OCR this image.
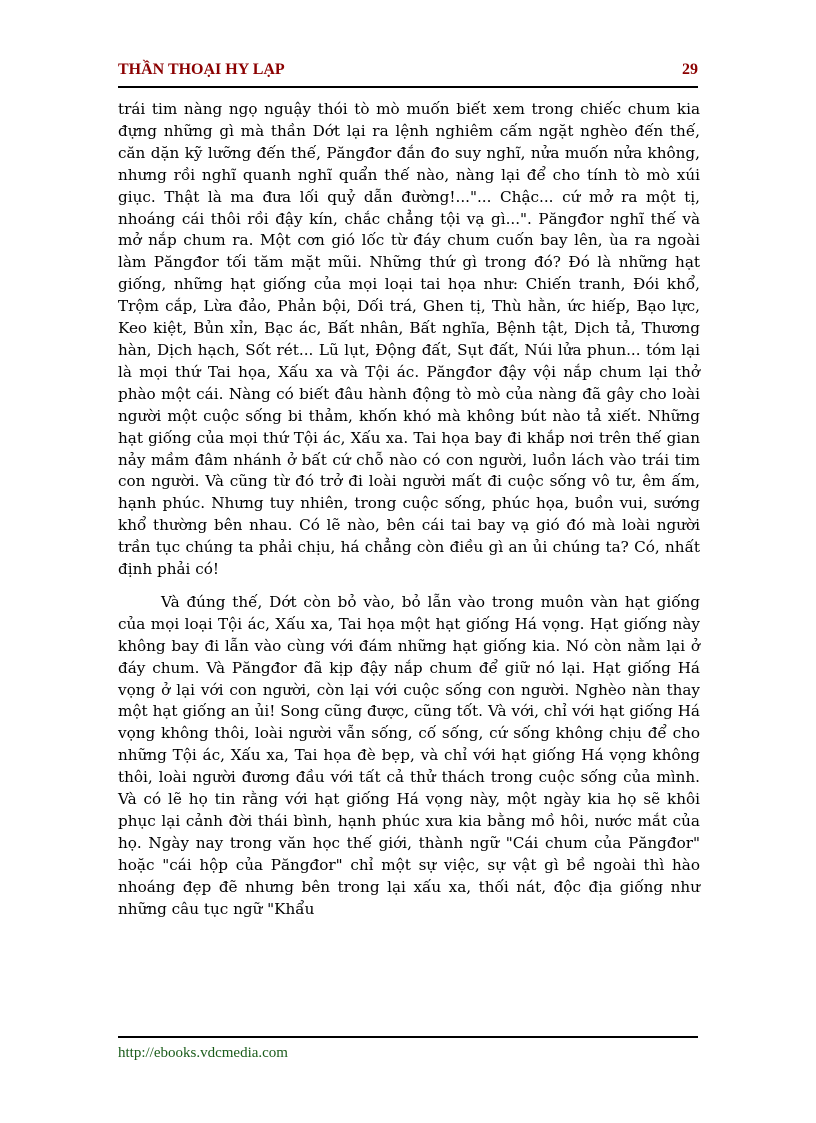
THẦN THOẠI HY LẠP	29

trái tim nàng ngọ nguậy thói tò mò muốn biết xem trong chiếc chum kia đựng những gì mà thần Dớt lại ra lệnh nghiêm cấm ngặt nghèo đến thế, căn dặn kỹ lưỡng đến thế, Păngđor đắn đo suy nghĩ, nửa muốn nửa không, nhưng rồi nghĩ quanh nghĩ quẩn thế nào, nàng lại để cho tính tò mò xúi giục. Thật là ma đưa lối quỷ dẫn đường!..."... Chậc... cứ mở ra một tị, nhoáng cái thôi rồi đậy kín, chắc chẳng tội vạ gì...". Păngđor nghĩ thế và mở nắp chum ra. Một cơn gió lốc từ đáy chum cuốn bay lên, ùa ra ngoài làm Păngđor tối tăm mặt mũi. Những thứ gì trong đó? Đó là những hạt giống, những hạt giống của mọi loại tai họa như: Chiến tranh, Đói khổ, Trộm cắp, Lừa đảo, Phản bội, Dối trá, Ghen tị, Thù hằn, ức hiếp, Bạo lực, Keo kiệt, Bủn xỉn, Bạc ác, Bất nhân, Bất nghĩa, Bệnh tật, Dịch tả, Thương hàn, Dịch hạch, Sốt rét... Lũ lụt, Động đất, Sụt đất, Núi lửa phun... tóm lại là mọi thứ Tai họa, Xấu xa và Tội ác. Păngđor đậy vội nắp chum lại thở phào một cái. Nàng có biết đâu hành động tò mò của nàng đã gây cho loài người một cuộc sống bi thảm, khốn khó mà không bút nào tả xiết. Những hạt giống của mọi thứ Tội ác, Xấu xa. Tai họa bay đi khắp nơi trên thế gian nảy mầm đâm nhánh ở bất cứ chỗ nào có con người, luồn lách vào trái tim con người. Và cũng từ đó trở đi loài người mất đi cuộc sống vô tư, êm ấm, hạnh phúc. Nhưng tuy nhiên, trong cuộc sống, phúc họa, buồn vui, sướng khổ thường bên nhau. Có lẽ nào, bên cái tai bay vạ gió đó mà loài người trần tục chúng ta phải chịu, há chẳng còn điều gì an ủi chúng ta? Có, nhất định phải có!

Và đúng thế, Dớt còn bỏ vào, bỏ lẫn vào trong muôn vàn hạt giống của mọi loại Tội ác, Xấu xa, Tai họa một hạt giống Há vọng. Hạt giống này không bay đi lẫn vào cùng với đám những hạt giống kia. Nó còn nằm lại ở đáy chum. Và Păngđor đã kịp đậy nắp chum để giữ nó lại. Hạt giống Há vọng ở lại với con người, còn lại với cuộc sống con người. Nghèo nàn thay một hạt giống an ủi! Song cũng được, cũng tốt. Và với, chỉ với hạt giống Há vọng không thôi, loài người vẫn sống, cố sống, cứ sống không chịu để cho những Tội ác, Xấu xa, Tai họa đè bẹp, và chỉ với hạt giống Há vọng không thôi, loài người đương đầu với tất cả thử thách trong cuộc sống của mình. Và có lẽ họ tin rằng với hạt giống Há vọng này, một ngày kia họ sẽ khôi phục lại cảnh đời thái bình, hạnh phúc xưa kia bằng mồ hôi, nước mắt của họ. Ngày nay trong văn học thế giới, thành ngữ "Cái chum của Păngđor" hoặc "cái hộp của Păngđor" chỉ một sự việc, sự vật gì bề ngoài thì hào nhoáng đẹp đẽ nhưng bên trong lại xấu xa, thối nát, độc địa giống như những câu tục ngữ "Khẩu

http://ebooks.vdcmedia.com
